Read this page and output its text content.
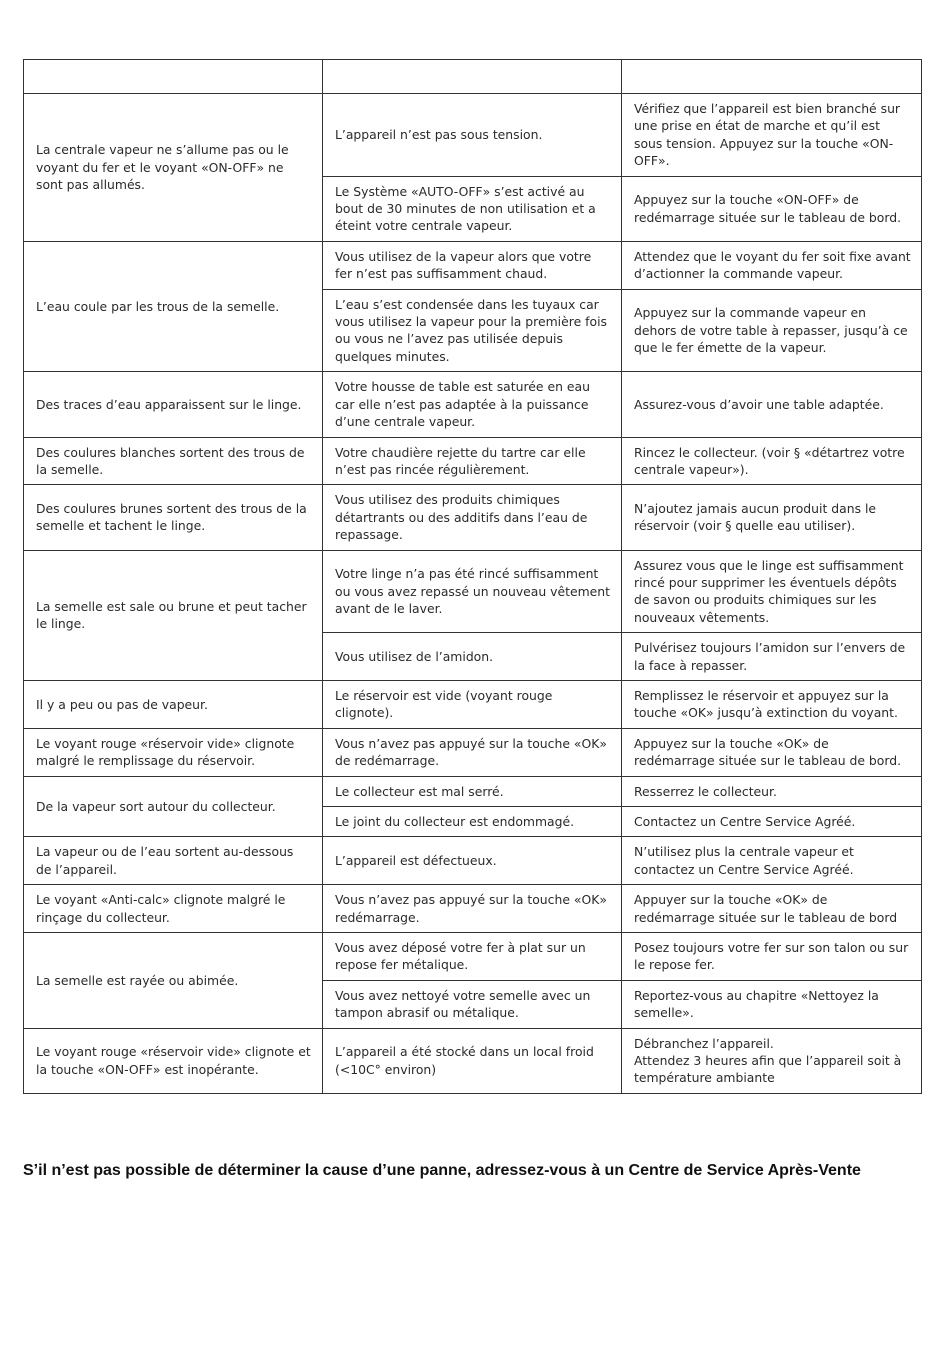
La centrale vapeur ne s’allume pas ou le voyant du fer et le voyant «ON-OFF» ne sont pas allumés.	L’appareil n’est pas sous tension.	Vérifiez que l’appareil est bien branché sur une prise en état de marche et qu’il est sous tension. Appuyez sur la touche «ON-OFF».
	Le Système «AUTO-OFF» s’est activé au bout de 30 minutes de non utilisation et a éteint votre centrale vapeur.	Appuyez sur la touche «ON-OFF» de redémarrage située sur le tableau de bord.
L’eau coule par les trous de la semelle.	Vous utilisez de la vapeur alors que votre fer n’est pas suffisamment chaud.	Attendez que le voyant du fer soit fixe avant d’actionner la commande vapeur.
	L’eau s’est condensée dans les tuyaux car vous utilisez la vapeur pour la première fois ou vous ne l’avez pas utilisée depuis quelques minutes.	Appuyez sur la commande vapeur en dehors de votre table à repasser, jusqu’à ce que le fer émette de la vapeur.
Des traces d’eau apparaissent sur le linge.	Votre housse de table est saturée en eau car elle n’est pas adaptée à la puissance d’une centrale vapeur.	Assurez-vous d’avoir une table adaptée.
Des coulures blanches sortent des trous de la semelle.	Votre chaudière rejette du tartre car elle n’est pas rincée régulièrement.	Rincez le collecteur. (voir § «détartrez votre centrale vapeur»).
Des coulures brunes sortent des trous de la semelle et tachent le linge.	Vous utilisez des produits chimiques détartrants ou des additifs dans l’eau de repassage.	N’ajoutez jamais aucun produit dans le réservoir (voir § quelle eau utiliser).
La semelle est sale ou brune et peut tacher le linge.	Votre linge n’a pas été rincé suffisamment ou vous avez repassé un nouveau vêtement avant de le laver.	Assurez vous que le linge est suffisamment rincé pour supprimer les éventuels dépôts de savon ou produits chimiques sur les nouveaux vêtements.
	Vous utilisez de l’amidon.	Pulvérisez toujours l’amidon sur l’envers de la face à repasser.
Il y a peu ou pas de vapeur.	Le réservoir est vide (voyant rouge clignote).	Remplissez le réservoir et appuyez sur la touche «OK» jusqu’à extinction du voyant.
Le voyant rouge «réservoir vide» clignote malgré le remplissage du réservoir.	Vous n’avez pas appuyé sur la touche «OK» de redémarrage.	Appuyez sur la touche «OK» de redémarrage située sur le tableau de bord.
De la vapeur sort autour du collecteur.	Le collecteur est mal serré.	Resserrez le collecteur.
	Le joint du collecteur est endommagé.	Contactez un Centre Service Agréé.
La vapeur ou de l’eau sortent au-dessous de l’appareil.	L’appareil est défectueux.	N’utilisez plus la centrale vapeur et contactez un Centre Service Agréé.
Le voyant «Anti-calc» clignote malgré le rinçage du collecteur.	Vous n’avez pas appuyé sur la touche «OK» redémarrage.	Appuyer sur la touche «OK» de redémarrage située sur le tableau de bord
La semelle est rayée ou abimée.	Vous avez déposé votre fer à plat sur un repose fer métalique.	Posez toujours votre fer sur son talon ou sur le repose fer.
	Vous avez nettoyé votre semelle avec un tampon abrasif ou métalique.	Reportez-vous au chapitre «Nettoyez la semelle».
Le voyant rouge «réservoir vide» clignote et la touche «ON-OFF» est inopérante.	L’appareil a été stocké dans un local froid (<10C° environ)	Débranchez l’appareil.
Attendez 3 heures afin que l’appareil soit à température ambiante
S’il n’est pas possible de déterminer la cause d’une panne, adressez-vous à un Centre de Service Après-Vente
